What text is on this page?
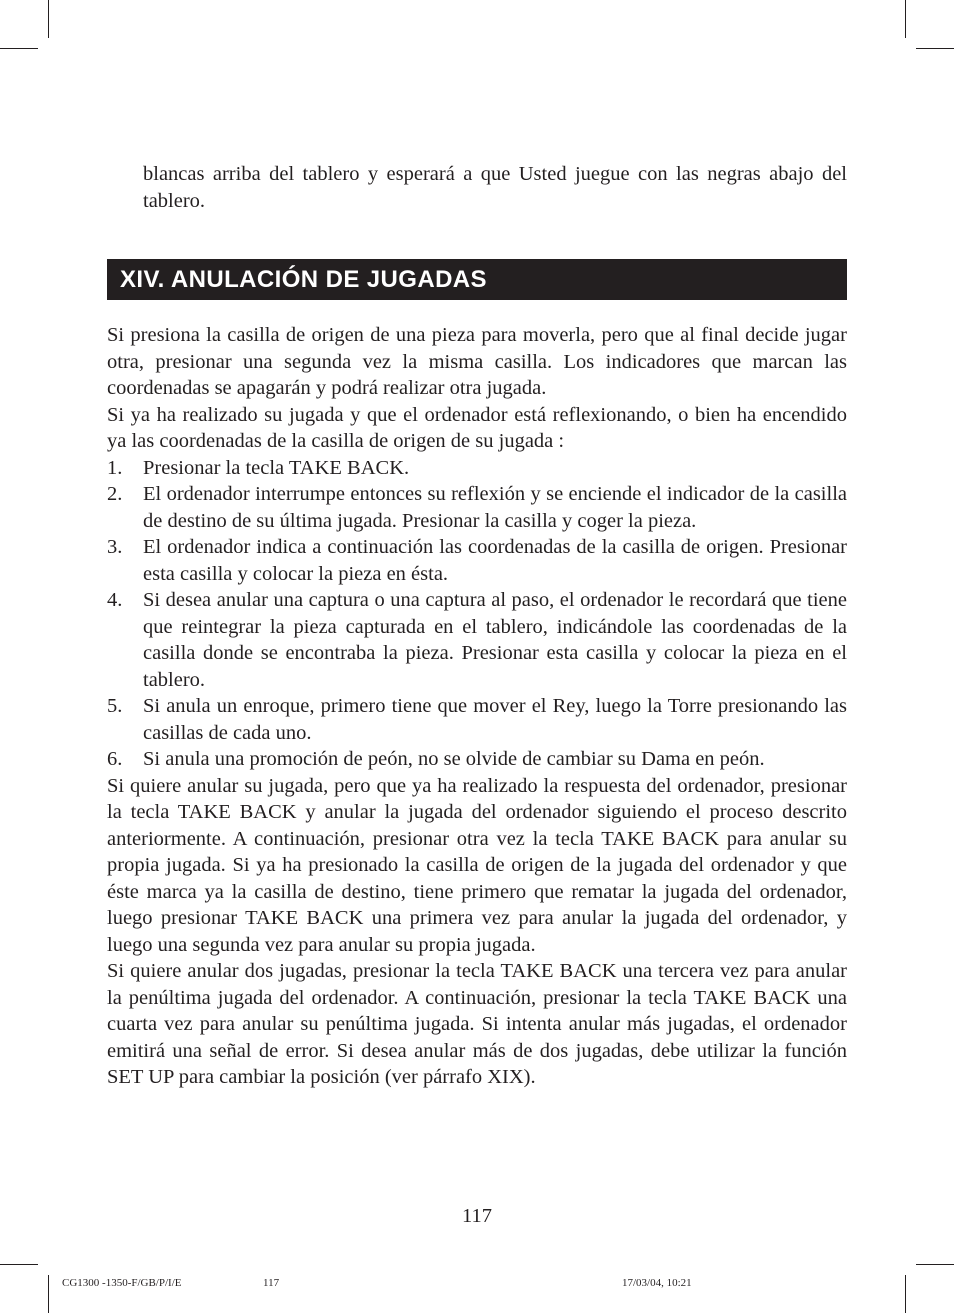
blancas arriba del tablero y esperará a que Usted juegue con las negras abajo del tablero.

XIV. ANULACIÓN DE JUGADAS

Si presiona la casilla de origen de una pieza para moverla, pero que al final decide jugar otra, presionar una segunda vez la misma casilla. Los indicadores que marcan las coordenadas se apagarán y podrá realizar otra jugada.

Si ya ha realizado su jugada y que el ordenador está reflexionando, o bien ha encendido ya las coordenadas de la casilla de origen de su jugada :

1. Presionar la tecla TAKE BACK.
2. El ordenador interrumpe entonces su reflexión y se enciende el indicador de la casilla de destino de su última jugada. Presionar la casilla y coger la pieza.
3. El ordenador indica a continuación las coordenadas de la casilla de origen. Presionar esta casilla y colocar la pieza en ésta.
4. Si desea anular una captura o una captura al paso, el ordenador le recordará que tiene que reintegrar la pieza capturada en el tablero, indicándole las coordenadas de la casilla donde se encontraba la pieza. Presionar esta casilla y colocar la pieza en el tablero.
5. Si anula un enroque, primero tiene que mover el Rey, luego la Torre presionando las casillas de cada uno.
6. Si anula una promoción de peón, no se olvide de cambiar su Dama en peón.

Si quiere anular su jugada, pero que ya ha realizado la respuesta del ordenador, presionar la tecla TAKE BACK y anular la jugada del ordenador siguiendo el proceso descrito anteriormente. A continuación, presionar otra vez la tecla TAKE BACK para anular su propia jugada. Si ya ha presionado la casilla de origen de la jugada del ordenador y que éste marca ya la casilla de destino, tiene primero que rematar la jugada del ordenador, luego presionar TAKE BACK una primera vez para anular la jugada del ordenador, y luego una segunda vez para anular su propia jugada.

Si quiere anular dos jugadas, presionar la tecla TAKE BACK una tercera vez para anular la penúltima jugada del ordenador. A continuación, presionar la tecla TAKE BACK una cuarta vez para anular su penúltima jugada. Si intenta anular más jugadas, el ordenador emitirá una señal de error. Si desea anular más de dos jugadas, debe utilizar la función SET UP para cambiar la posición (ver párrafo XIX).

117
CG1300 -1350-F/GB/P/I/E	117	17/03/04, 10:21
